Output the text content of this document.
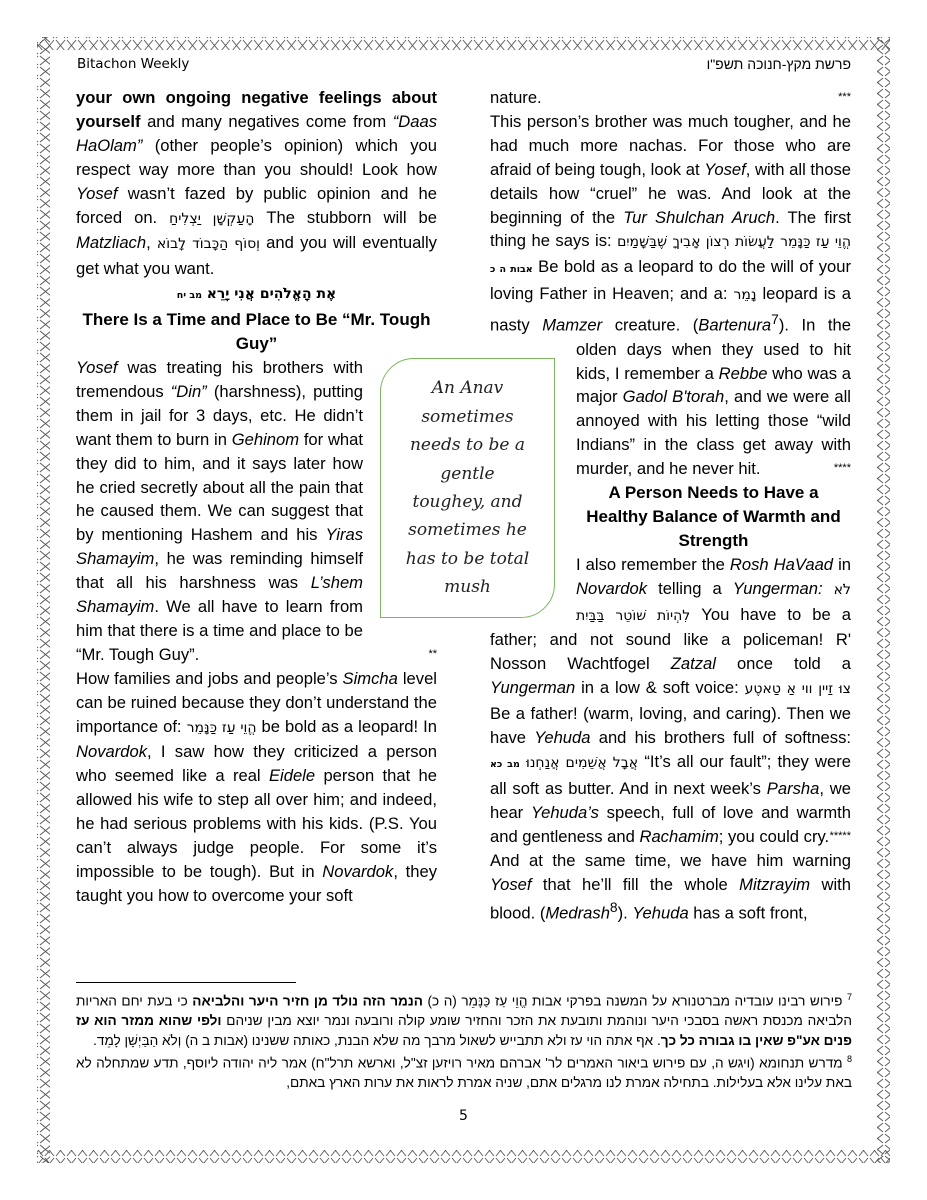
Bitachon Weekly	פרשת מקץ-חנוכה תשפ"ו

your own ongoing negative feelings about yourself and many negatives come from “Daas HaOlam” (other people’s opinion) which you respect way more than you should! Look how Yosef wasn’t fazed by public opinion and he forced on. הָעַקְשָׁן יַצְלִיחַ The stubborn will be Matzliach, וְסוֹף הַכָּבוֹד לָבוֹא and you will eventually get what you want.

אֶת הָאֱלֹהִים אֲנִי יָרֵא מב יח

There Is a Time and Place to Be “Mr. Tough Guy”

Yosef was treating his brothers with tremendous “Din” (harshness), putting them in jail for 3 days, etc. He didn’t want them to burn in Gehinom for what they did to him, and it says later how he cried secretly about all the pain that he caused them. We can suggest that by mentioning Hashem and his Yiras Shamayim, he was reminding himself that all his harshness was L’shem Shamayim. We all have to learn from him that there is a time and place to be “Mr. Tough Guy”.	**

How families and jobs and people’s Simcha level can be ruined because they don’t understand the importance of: הֱוֵי עַז כַּנָּמֵר be bold as a leopard! In Novardok, I saw how they criticized a person who seemed like a real Eidele person that he allowed his wife to step all over him; and indeed, he had serious problems with his kids. (P.S. You can’t always judge people. For some it’s impossible to be tough). But in Novardok, they taught you how to overcome your soft

***
nature.

This person’s brother was much tougher, and he had much more nachas. For those who are afraid of being tough, look at Yosef, with all those details how “cruel” he was. And look at the beginning of the Tur Shulchan Aruch. The first thing he says is: הֱוֵי עַז כַּנָּמֵר לַעֲשׂוֹת רְצוֹן אָבִיךָ שֶׁבַּשָּׁמַיִם אבות ה כ Be bold as a leopard to do the will of your loving Father in Heaven; and a: נָמֵר leopard is a nasty Mamzer creature. (Bartenura$^7$). In the olden days when they used to hit kids, I remember a Rebbe who was a major Gadol B'torah, and we were all annoyed with his letting those “wild Indians” in the class get away with murder, and he never hit.	****

A Person Needs to Have a Healthy Balance of Warmth and Strength

I also remember the Rosh HaVaad in Novardok telling a Yungerman: לֹא לִהְיוֹת שׁוֹטֵר בַּבַּיִת You have to be a father; and not sound like a policeman! R' Nosson Wachtfogel Zatzal once told a Yungerman in a low & soft voice: צוּ זַיין ווי אַ טַאטֶע Be a father! (warm, loving, and caring). Then we have Yehuda and his brothers full of softness: אֲבָל אֲשֵׁמִים אֲנַחְנוּ מב כא	“It’s all our fault”; they were all soft as butter. And in next week’s Parsha, we hear Yehuda’s speech, full of love and warmth and gentleness and Rachamim; you could cry. *****

And at the same time, we have him warning Yosef that he’ll fill the whole Mitzrayim with blood. (Medrash$^8$). Yehuda has a soft front,

An Anav
sometimes
needs to be a
gentle
toughey, and
sometimes he
has to be total
mush

$^7$ פירוש רבינו עובדיה מברטנורא על המשנה בפרקי אבות הֱוֵי עַז כַּנָּמֵר (ה כ) הנמר הזה נולד מן חזיר היער והלביאה כי בעת יחם האריות הלביאה מכנסת ראשה בסבכי היער ונוהמת ותובעת את הזכר והחזיר שומע קולה ורובעה ונמר יוצא מבין שניהם ולפי שהוא ממזר הוא עז פנים אע"פ שאין בו גבורה כל כך. אף אתה הוי עז ולא תתבייש לשאול מרבך מה שלא הבנת, כאותה ששנינו (אבות ב ה) וְלֹא הַבַּיְשָׁן לָמֵד.

$^8$ מדרש תנחומא (ויגש ה, עם פירוש ביאור האמרים לר' אברהם מאיר רויזען זצ"ל, וארשא תרל"ח) אמר ליה יהודה ליוסף, תדע שמתחלה לא באת עלינו אלא בעלילות. בתחילה אמרת לנו מרגלים אתם, שניה אמרת לראות את ערות הארץ באתם,

5
